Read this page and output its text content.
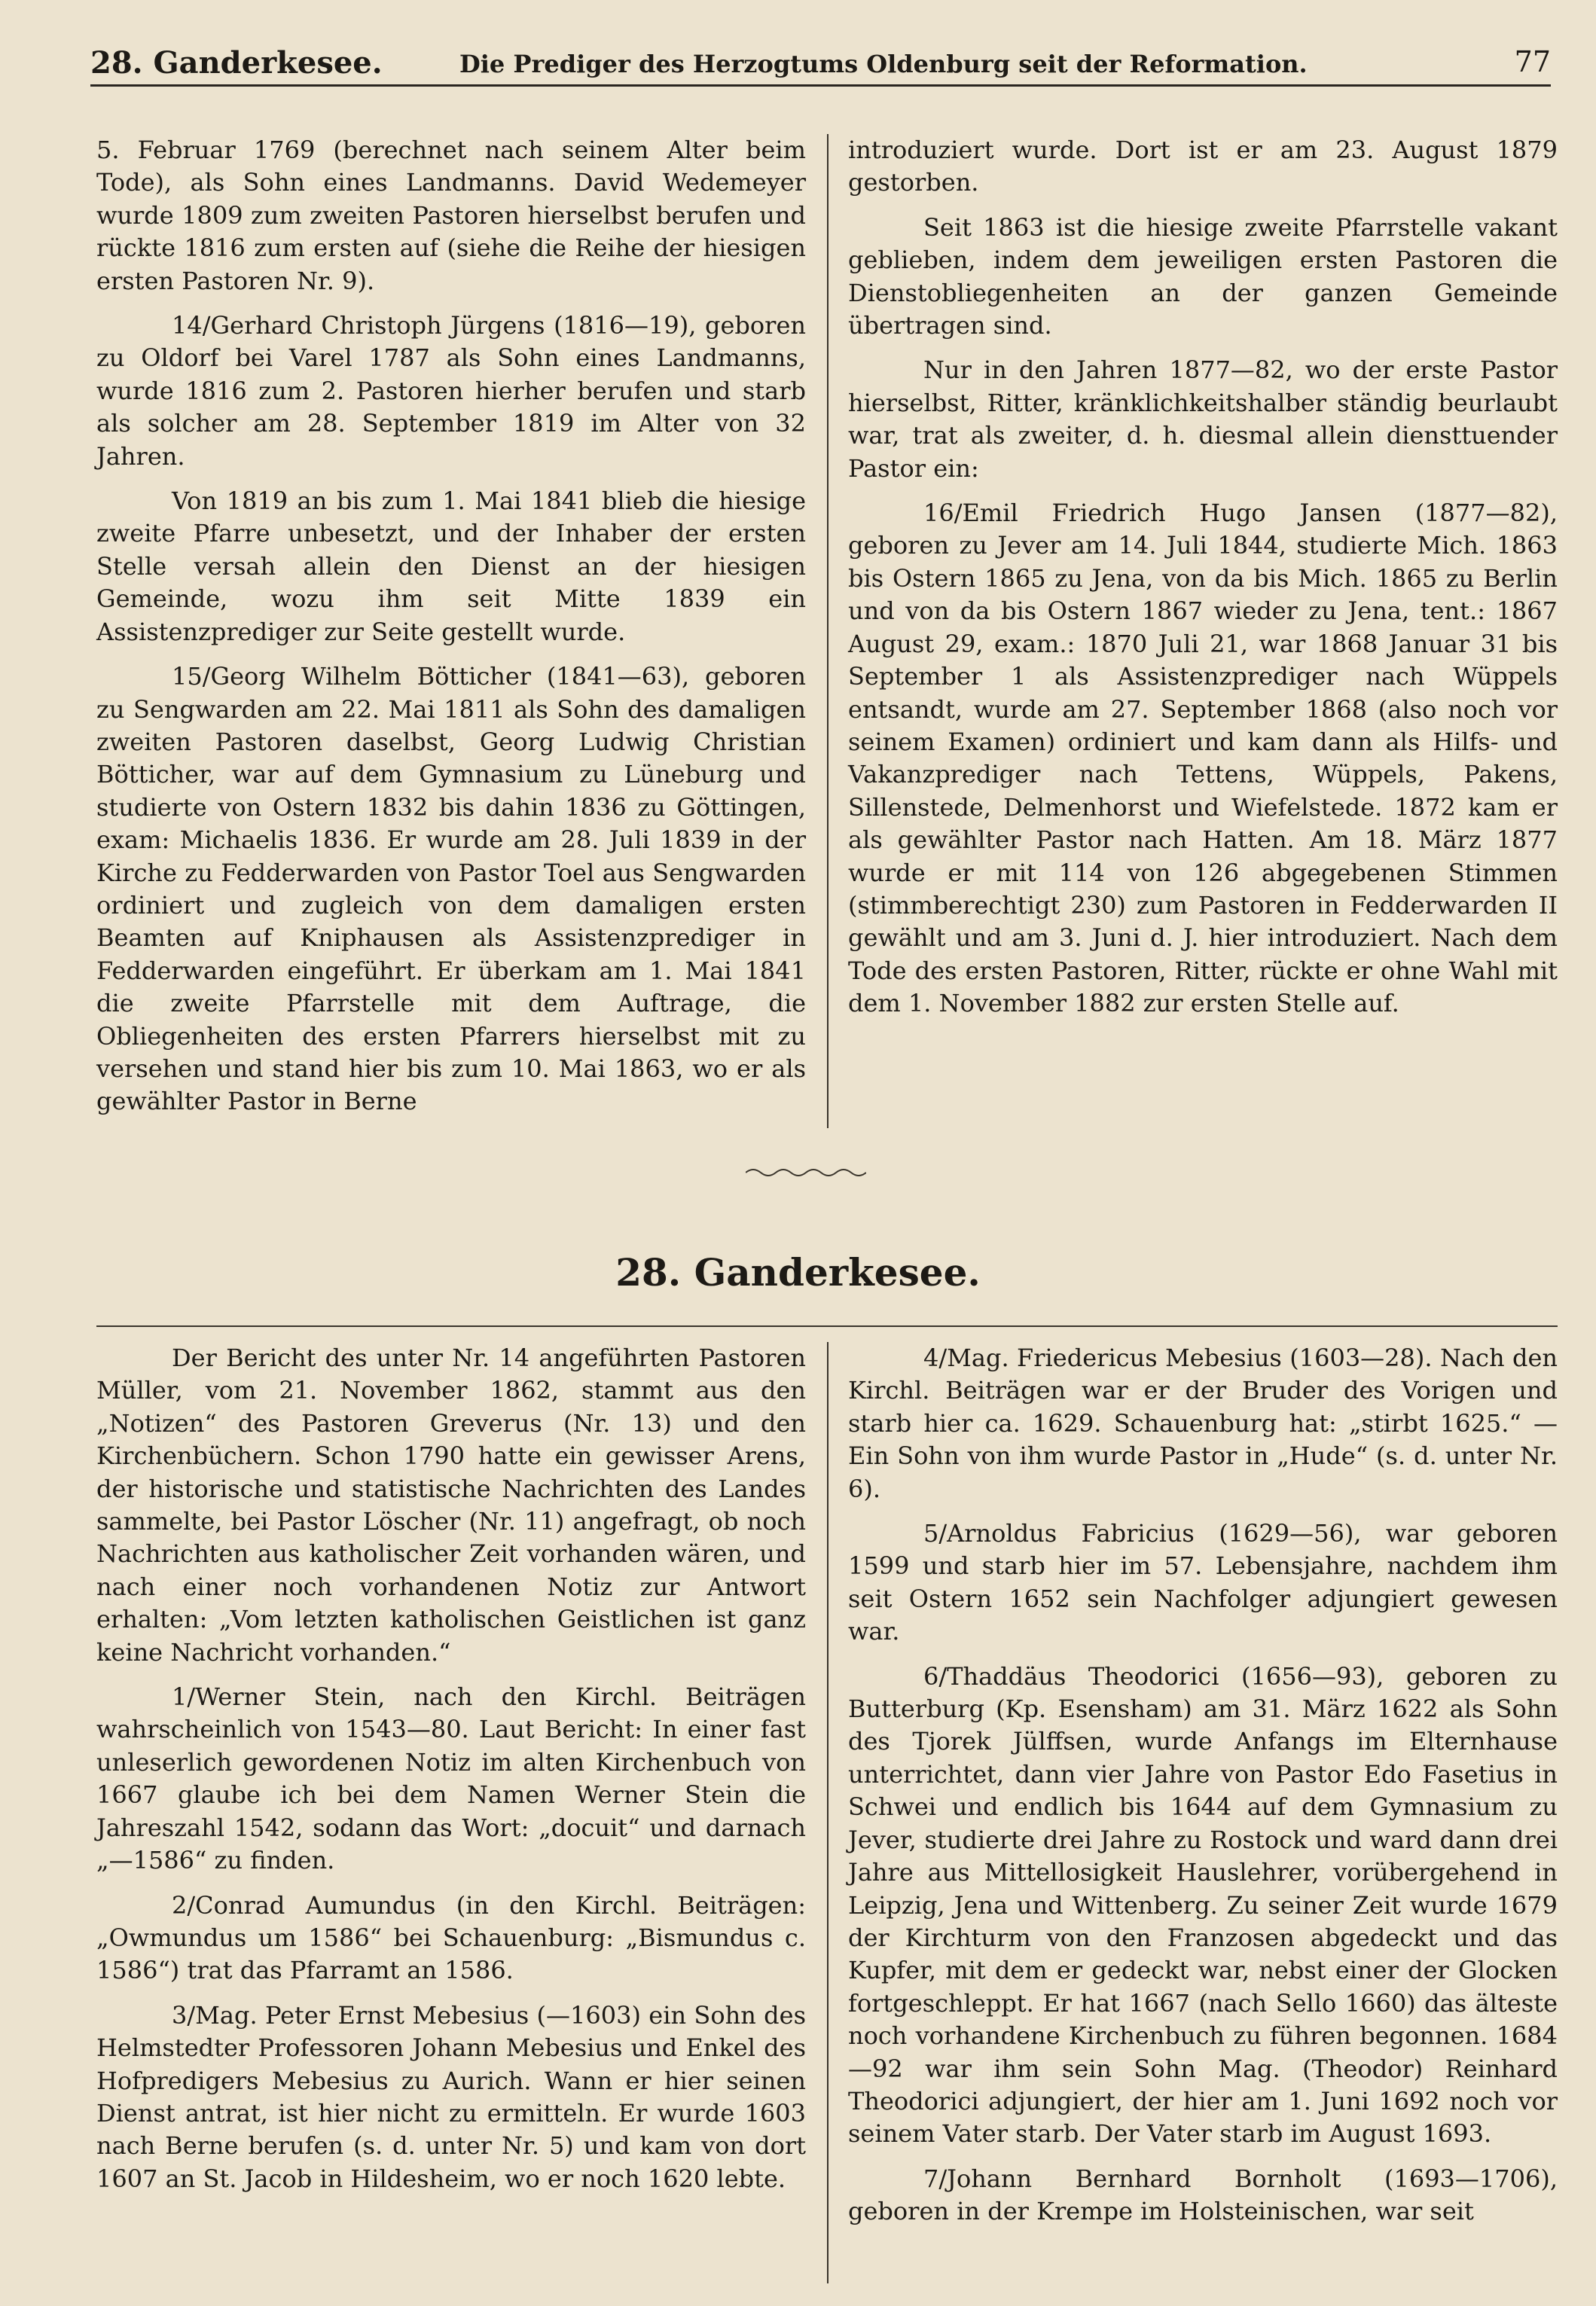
28. Ganderkesee.	Die Prediger des Herzogtums Oldenburg seit der Reformation.	77

5. Februar 1769 (berechnet nach seinem Alter beim Tode), als Sohn eines Landmanns. David Wedemeyer wurde 1809 zum zweiten Pastoren hierselbst berufen und rückte 1816 zum ersten auf (siehe die Reihe der hiesigen ersten Pastoren Nr. 9).

14/Gerhard Christoph Jürgens (1816—19), geboren zu Oldorf bei Varel 1787 als Sohn eines Landmanns, wurde 1816 zum 2. Pastoren hierher berufen und starb als solcher am 28. September 1819 im Alter von 32 Jahren.

Von 1819 an bis zum 1. Mai 1841 blieb die hiesige zweite Pfarre unbesetzt, und der Inhaber der ersten Stelle versah allein den Dienst an der hiesigen Gemeinde, wozu ihm seit Mitte 1839 ein Assistenzprediger zur Seite gestellt wurde.

15/Georg Wilhelm Bötticher (1841—63), geboren zu Sengwarden am 22. Mai 1811 als Sohn des damaligen zweiten Pastoren daselbst, Georg Ludwig Christian Bötticher, war auf dem Gymnasium zu Lüneburg und studierte von Ostern 1832 bis dahin 1836 zu Göttingen, exam: Michaelis 1836. Er wurde am 28. Juli 1839 in der Kirche zu Fedderwarden von Pastor Toel aus Sengwarden ordiniert und zugleich von dem damaligen ersten Beamten auf Kniphausen als Assistenzprediger in Fedderwarden eingeführt. Er überkam am 1. Mai 1841 die zweite Pfarrstelle mit dem Auftrage, die Obliegenheiten des ersten Pfarrers hierselbst mit zu versehen und stand hier bis zum 10. Mai 1863, wo er als gewählter Pastor in Berne

introduziert wurde. Dort ist er am 23. August 1879 gestorben.

Seit 1863 ist die hiesige zweite Pfarrstelle vakant geblieben, indem dem jeweiligen ersten Pastoren die Dienstobliegenheiten an der ganzen Gemeinde übertragen sind.

Nur in den Jahren 1877—82, wo der erste Pastor hierselbst, Ritter, kränklichkeitshalber ständig beurlaubt war, trat als zweiter, d. h. diesmal allein diensttuender Pastor ein:

16/Emil Friedrich Hugo Jansen (1877—82), geboren zu Jever am 14. Juli 1844, studierte Mich. 1863 bis Ostern 1865 zu Jena, von da bis Mich. 1865 zu Berlin und von da bis Ostern 1867 wieder zu Jena, tent.: 1867 August 29, exam.: 1870 Juli 21, war 1868 Januar 31 bis September 1 als Assistenzprediger nach Wüppels entsandt, wurde am 27. September 1868 (also noch vor seinem Examen) ordiniert und kam dann als Hilfs- und Vakanzprediger nach Tettens, Wüppels, Pakens, Sillenstede, Delmenhorst und Wiefelstede. 1872 kam er als gewählter Pastor nach Hatten. Am 18. März 1877 wurde er mit 114 von 126 abgegebenen Stimmen (stimmberechtigt 230) zum Pastoren in Fedderwarden II gewählt und am 3. Juni d. J. hier introduziert. Nach dem Tode des ersten Pastoren, Ritter, rückte er ohne Wahl mit dem 1. November 1882 zur ersten Stelle auf.

28. Ganderkesee.

Der Bericht des unter Nr. 14 angeführten Pastoren Müller, vom 21. November 1862, stammt aus den „Notizen“ des Pastoren Greverus (Nr. 13) und den Kirchenbüchern. Schon 1790 hatte ein gewisser Arens, der historische und statistische Nachrichten des Landes sammelte, bei Pastor Löscher (Nr. 11) angefragt, ob noch Nachrichten aus katholischer Zeit vorhanden wären, und nach einer noch vorhandenen Notiz zur Antwort erhalten: „Vom letzten katholischen Geistlichen ist ganz keine Nachricht vorhanden.“

1/Werner Stein, nach den Kirchl. Beiträgen wahrscheinlich von 1543—80. Laut Bericht: In einer fast unleserlich gewordenen Notiz im alten Kirchenbuch von 1667 glaube ich bei dem Namen Werner Stein die Jahreszahl 1542, sodann das Wort: „docuit“ und darnach „—1586“ zu finden.

2/Conrad Aumundus (in den Kirchl. Beiträgen: „Owmundus um 1586“ bei Schauenburg: „Bismundus c. 1586“) trat das Pfarramt an 1586.

3/Mag. Peter Ernst Mebesius (—1603) ein Sohn des Helmstedter Professoren Johann Mebesius und Enkel des Hofpredigers Mebesius zu Aurich. Wann er hier seinen Dienst antrat, ist hier nicht zu ermitteln. Er wurde 1603 nach Berne berufen (s. d. unter Nr. 5) und kam von dort 1607 an St. Jacob in Hildesheim, wo er noch 1620 lebte.

4/Mag. Friedericus Mebesius (1603—28). Nach den Kirchl. Beiträgen war er der Bruder des Vorigen und starb hier ca. 1629. Schauenburg hat: „stirbt 1625.“ — Ein Sohn von ihm wurde Pastor in „Hude“ (s. d. unter Nr. 6).

5/Arnoldus Fabricius (1629—56), war geboren 1599 und starb hier im 57. Lebensjahre, nachdem ihm seit Ostern 1652 sein Nachfolger adjungiert gewesen war.

6/Thaddäus Theodorici (1656—93), geboren zu Butterburg (Kp. Esensham) am 31. März 1622 als Sohn des Tjorek Jülffsen, wurde Anfangs im Elternhause unterrichtet, dann vier Jahre von Pastor Edo Fasetius in Schwei und endlich bis 1644 auf dem Gymnasium zu Jever, studierte drei Jahre zu Rostock und ward dann drei Jahre aus Mittellosigkeit Hauslehrer, vorübergehend in Leipzig, Jena und Wittenberg. Zu seiner Zeit wurde 1679 der Kirchturm von den Franzosen abgedeckt und das Kupfer, mit dem er gedeckt war, nebst einer der Glocken fortgeschleppt. Er hat 1667 (nach Sello 1660) das älteste noch vorhandene Kirchenbuch zu führen begonnen. 1684—92 war ihm sein Sohn Mag. (Theodor) Reinhard Theodorici adjungiert, der hier am 1. Juni 1692 noch vor seinem Vater starb. Der Vater starb im August 1693.

7/Johann Bernhard Bornholt (1693—1706), geboren in der Krempe im Holsteinischen, war seit
